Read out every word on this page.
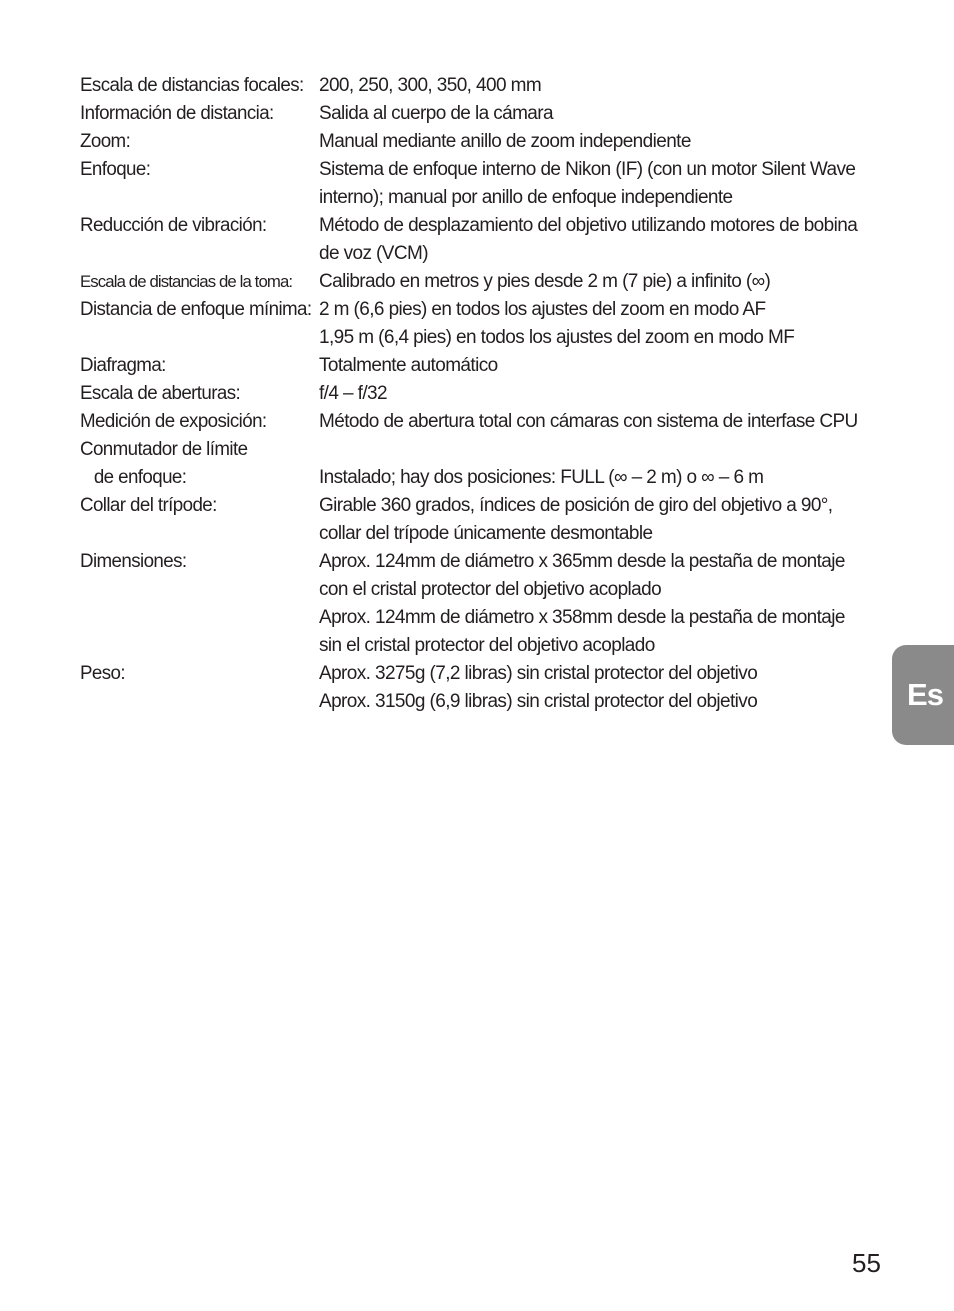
Escala de distancias focales: 200, 250, 300, 350, 400 mm
Información de distancia:	Salida al cuerpo de la cámara
Zoom:	Manual mediante anillo de zoom independiente
Enfoque:	Sistema de enfoque interno de Nikon (IF) (con un motor Silent Wave
interno); manual por anillo de enfoque independiente
Reducción de vibración:	Método de desplazamiento del objetivo utilizando motores de bobina
de voz (VCM)
Escala de distancias de la toma:	Calibrado en metros y pies desde 2 m (7 pie) a infinito (∞)
Distancia de enfoque mínima: 2 m (6,6 pies) en todos los ajustes del zoom en modo AF
1,95 m (6,4 pies) en todos los ajustes del zoom en modo MF
Diafragma:	Totalmente automático
Escala de aberturas:	f/4 – f/32
Medición de exposición:	Método de abertura total con cámaras con sistema de interfase CPU
Conmutador de límite
de enfoque:
	Instalado; hay dos posiciones: FULL (∞ – 2 m) o ∞ – 6 m
Collar del trípode:	Girable 360 grados, índices de posición de giro del objetivo a 90°,
collar del trípode únicamente desmontable
Dimensiones:	Aprox. 124mm de diámetro x 365mm desde la pestaña de montaje
con el cristal protector del objetivo acoplado
Aprox. 124mm de diámetro x 358mm desde la pestaña de montaje
sin el cristal protector del objetivo acoplado
Peso:	Aprox. 3275g (7,2 libras) sin cristal protector del objetivo
Aprox. 3150g (6,9 libras) sin cristal protector del objetivo	Es
55
